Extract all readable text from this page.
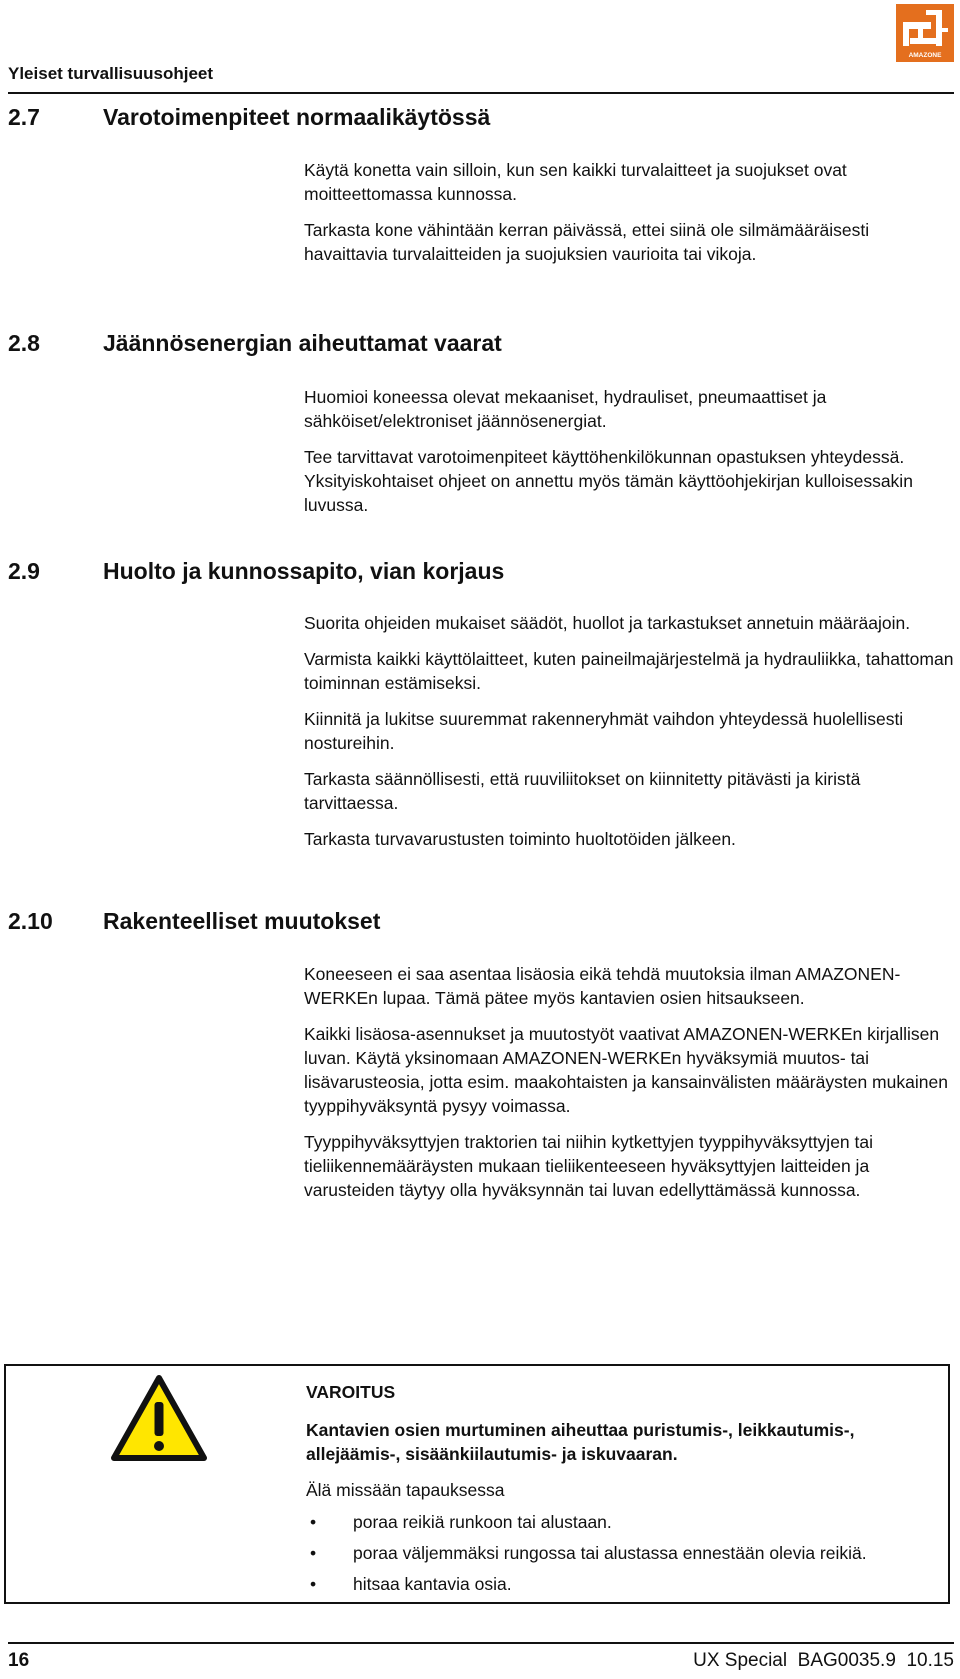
Yleiset turvallisuusohjeet
AMAZONE
2.7	Varotoimenpiteet normaalikäytössä

Käytä konetta vain silloin, kun sen kaikki turvalaitteet ja suojukset ovat moitteettomassa kunnossa.

Tarkasta kone vähintään kerran päivässä, ettei siinä ole silmämääräisesti havaittavia turvalaitteiden ja suojuksien vaurioita tai vikoja.

2.8	Jäännösenergian aiheuttamat vaarat

Huomioi koneessa olevat mekaaniset, hydrauliset, pneumaattiset ja sähköiset/elektroniset jäännösenergiat.

Tee tarvittavat varotoimenpiteet käyttöhenkilökunnan opastuksen yhteydessä. Yksityiskohtaiset ohjeet on annettu myös tämän käyttöohjekirjan kulloisessakin luvussa.

2.9	Huolto ja kunnossapito, vian korjaus

Suorita ohjeiden mukaiset säädöt, huollot ja tarkastukset annetuin määräajoin.

Varmista kaikki käyttölaitteet, kuten paineilmajärjestelmä ja hydrauliikka, tahattoman toiminnan estämiseksi.

Kiinnitä ja lukitse suuremmat rakenneryhmät vaihdon yhteydessä huolellisesti nostureihin.

Tarkasta säännöllisesti, että ruuviliitokset on kiinnitetty pitävästi ja kiristä tarvittaessa.

Tarkasta turvavarustusten toiminto huoltotöiden jälkeen.

2.10 Rakenteelliset muutokset

Koneeseen ei saa asentaa lisäosia eikä tehdä muutoksia ilman AMAZONEN-WERKEn lupaa. Tämä pätee myös kantavien osien hitsaukseen.

Kaikki lisäosa-asennukset ja muutostyöt vaativat AMAZONEN-WERKEn kirjallisen luvan. Käytä yksinomaan AMAZONEN-WERKEn hyväksymiä muutos- tai lisävarusteosia, jotta esim. maakohtaisten ja kansainvälisten määräysten mukainen tyyppihyväksyntä pysyy voimassa.

Tyyppihyväksyttyjen traktorien tai niihin kytkettyjen tyyppihyväksyttyjen tai tieliikennemääräysten mukaan tieliikenteeseen hyväksyttyjen laitteiden ja varusteiden täytyy olla hyväksynnän tai luvan edellyttämässä kunnossa.

VAROITUS

Kantavien osien murtuminen aiheuttaa puristumis-, leikkautumis-, allejäämis-, sisäänkiilautumis- ja iskuvaaran.

Älä missään tapauksessa

• poraa reikiä runkoon tai alustaan.
• poraa väljemmäksi rungossa tai alustassa ennestään olevia reikiä.
• hitsaa kantavia osia.
16	UX Special  BAG0035.9  10.15
